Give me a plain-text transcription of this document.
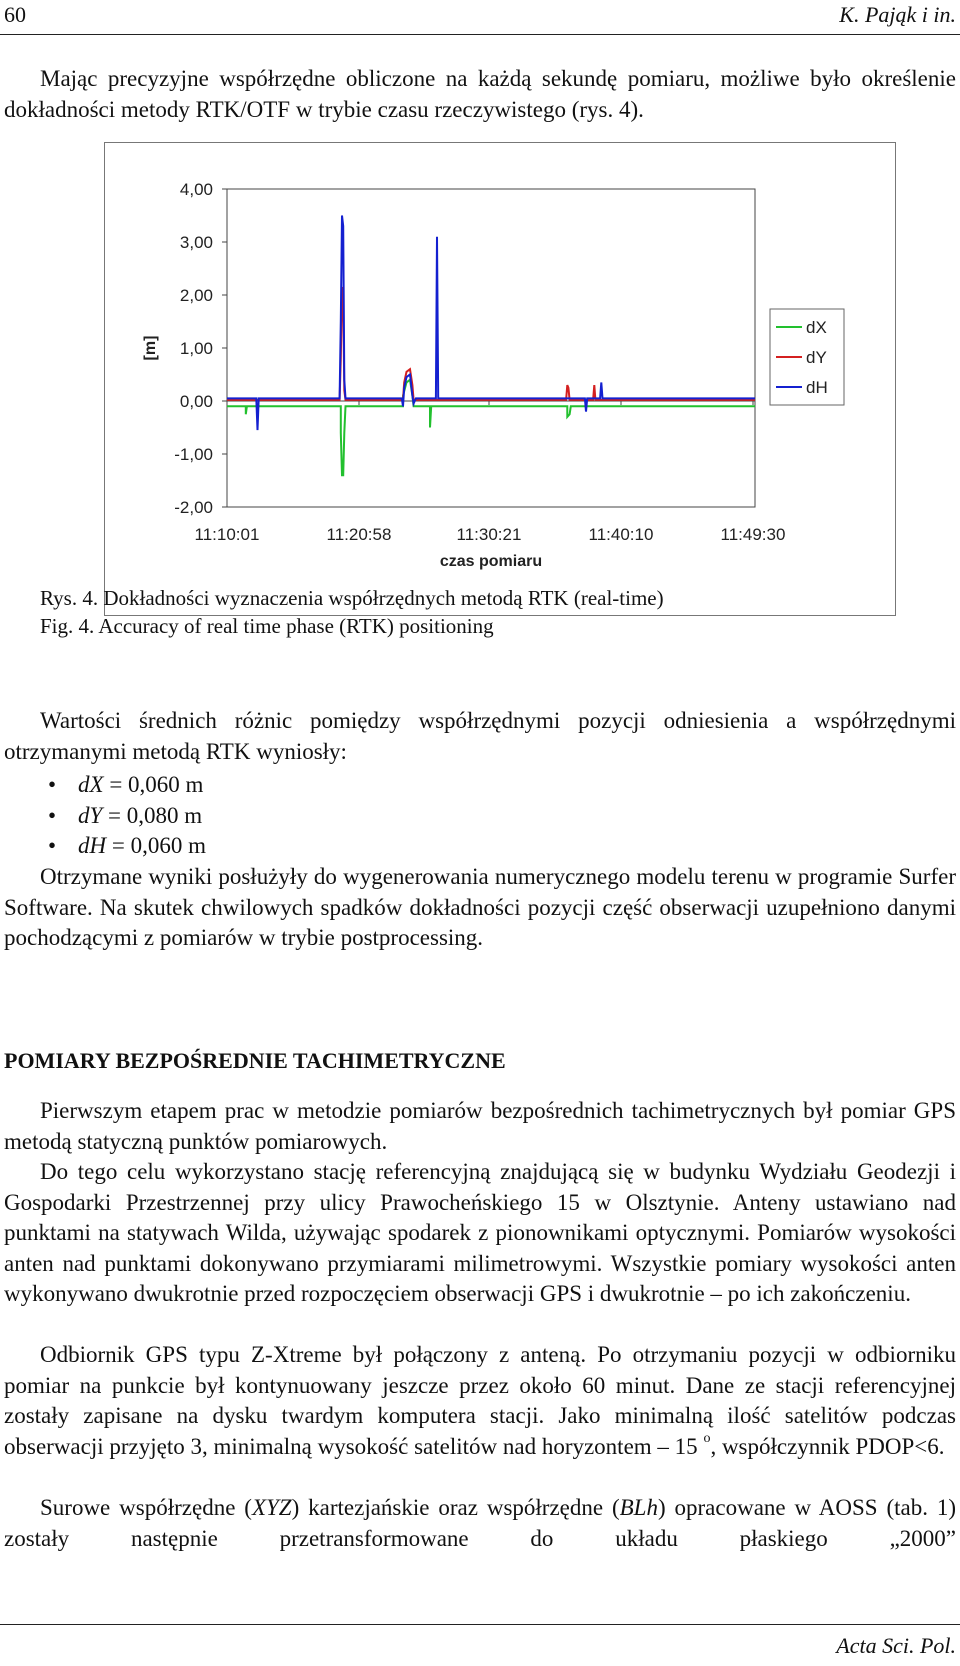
60	K. Pająk i in.

Mając precyzyjne współrzędne obliczone na każdą sekundę pomiaru, możliwe było określenie dokładności metody RTK/OTF w trybie czasu rzeczywistego (rys. 4).

-2,00
-1,00
0,00
1,00
2,00
3,00
4,00
11:10:01	11:20:58	11:30:21	11:40:10	11:49:30
czas pomiaru
[m]
dX
dY
dH
Rys. 4. Dokładności wyznaczenia współrzędnych metodą RTK (real-time)
Fig. 4. Accuracy of real time phase (RTK) positioning

Wartości średnich różnic pomiędzy współrzędnymi pozycji odniesienia a współrzędnymi otrzymanymi metodą RTK wyniosły:

• dX = 0,060 m
• dY = 0,080 m
• dH = 0,060 m

Otrzymane wyniki posłużyły do wygenerowania numerycznego modelu terenu w programie Surfer Software. Na skutek chwilowych spadków dokładności pozycji część obserwacji uzupełniono danymi pochodzącymi z pomiarów w trybie postprocessing.

POMIARY BEZPOŚREDNIE TACHIMETRYCZNE

Pierwszym etapem prac w metodzie pomiarów bezpośrednich tachimetrycznych był pomiar GPS metodą statyczną punktów pomiarowych.

Do tego celu wykorzystano stację referencyjną znajdującą się w budynku Wydziału Geodezji i Gospodarki Przestrzennej przy ulicy Prawocheńskiego 15 w Olsztynie. Anteny ustawiano nad punktami na statywach Wilda, używając spodarek z pionownikami optycznymi. Pomiarów wysokości anten nad punktami dokonywano przymiarami milimetrowymi. Wszystkie pomiary wysokości anten wykonywano dwukrotnie przed rozpoczęciem obserwacji GPS i dwukrotnie – po ich zakończeniu.

Odbiornik GPS typu Z-Xtreme był połączony z anteną. Po otrzymaniu pozycji w odbiorniku pomiar na punkcie był kontynuowany jeszcze przez około 60 minut. Dane ze stacji referencyjnej zostały zapisane na dysku twardym komputera stacji. Jako minimalną ilość satelitów podczas obserwacji przyjęto 3, minimalną wysokość satelitów nad horyzontem – 15 $^o$, współczynnik PDOP<6.

Surowe współrzędne (XYZ) kartezjańskie oraz współrzędne (BLh) opracowane w AOSS (tab. 1) zostały następnie przetransformowane do układu płaskiego „2000”

Acta Sci. Pol.
